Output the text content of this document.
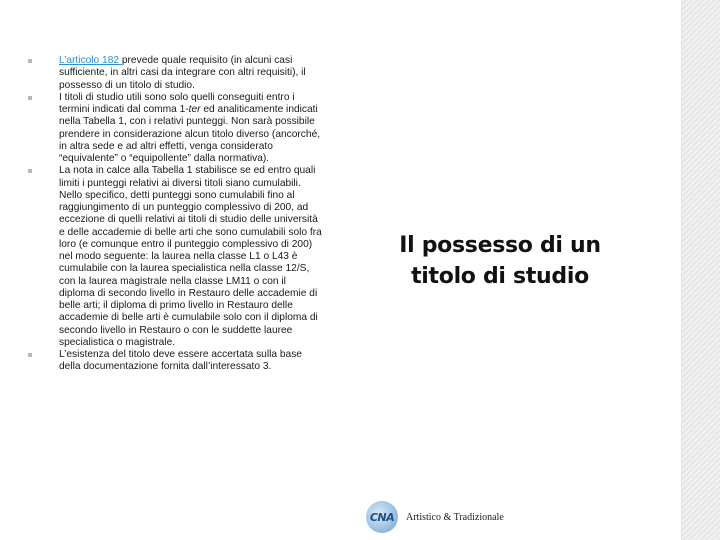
L’articolo 182 prevede quale requisito (in alcuni casi sufficiente, in altri casi da integrare con altri requisiti), il possesso di un titolo di studio.
I titoli di studio utili sono solo quelli conseguiti entro i termini indicati dal comma 1-ter ed analiticamente indicati nella Tabella 1, con i relativi punteggi. Non sarà possibile prendere in considerazione alcun titolo diverso (ancorché, in altra sede e ad altri effetti, venga considerato “equivalente” o “equipollente” dalla normativa).
La nota in calce alla Tabella 1 stabilisce se ed entro quali limiti i punteggi relativi ai diversi titoli siano cumulabili. Nello specifico, detti punteggi sono cumulabili fino al raggiungimento di un punteggio complessivo di 200, ad eccezione di quelli relativi ai titoli di studio delle università e delle accademie di belle arti che sono cumulabili solo fra loro (e comunque entro il punteggio complessivo di 200) nel modo seguente: la laurea nella classe L1 o L43 è cumulabile con la laurea specialistica nella classe 12/S, con la laurea magistrale nella classe LM11 o con il diploma di secondo livello in Restauro delle accademie di belle arti; il diploma di primo livello in Restauro delle accademie di belle arti è cumulabile solo con il diploma di secondo livello in Restauro o con le suddette lauree specialistica o magistrale.
L’esistenza del titolo deve essere accertata sulla base della documentazione fornita dall’interessato 3.
Il possesso di un
titolo di studio
CNA Artistico & Tradizionale
